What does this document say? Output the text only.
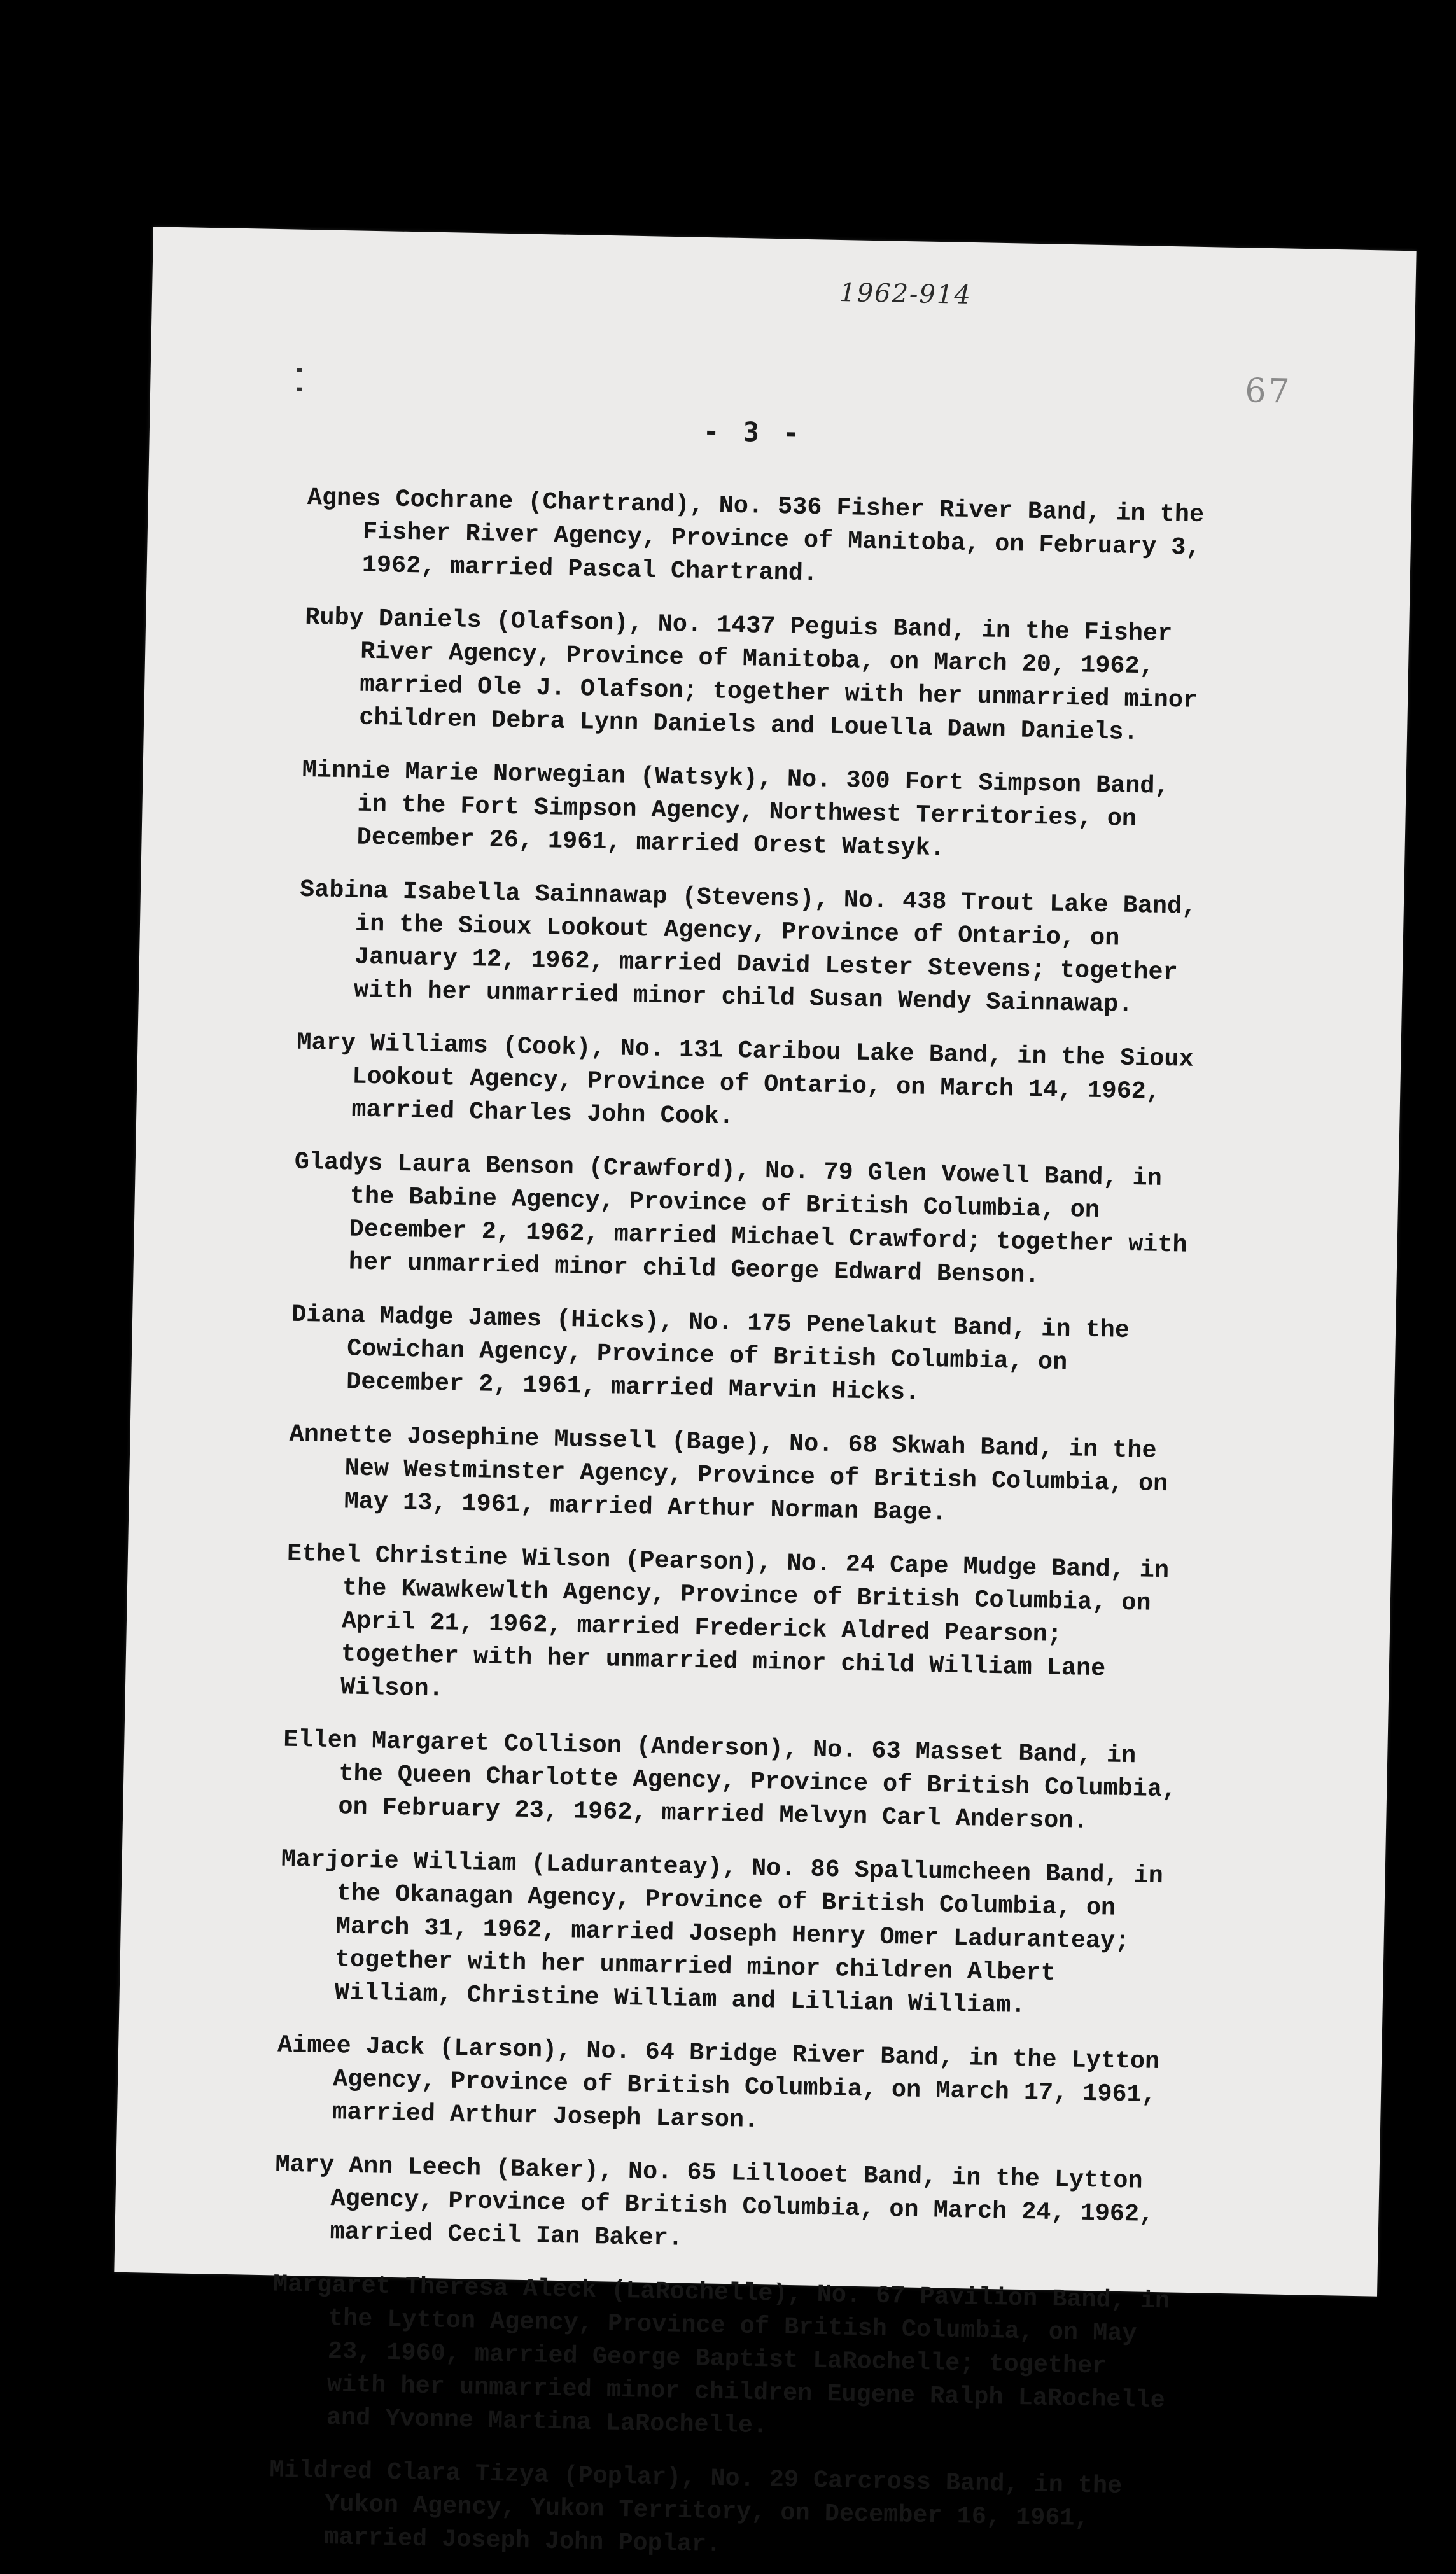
1962-914
67
- 3 -

Agnes Cochrane (Chartrand), No. 536 Fisher River Band, in the Fisher River Agency, Province of Manitoba, on February 3, 1962, married Pascal Chartrand.

Ruby Daniels (Olafson), No. 1437 Peguis Band, in the Fisher River Agency, Province of Manitoba, on March 20, 1962, married Ole J. Olafson; together with her unmarried minor children Debra Lynn Daniels and Louella Dawn Daniels.

Minnie Marie Norwegian (Watsyk), No. 300 Fort Simpson Band, in the Fort Simpson Agency, Northwest Territories, on December 26, 1961, married Orest Watsyk.

Sabina Isabella Sainnawap (Stevens), No. 438 Trout Lake Band, in the Sioux Lookout Agency, Province of Ontario, on January 12, 1962, married David Lester Stevens; together with her unmarried minor child Susan Wendy Sainnawap.

Mary Williams (Cook), No. 131 Caribou Lake Band, in the Sioux Lookout Agency, Province of Ontario, on March 14, 1962, married Charles John Cook.

Gladys Laura Benson (Crawford), No. 79 Glen Vowell Band, in the Babine Agency, Province of British Columbia, on December 2, 1962, married Michael Crawford; together with her unmarried minor child George Edward Benson.

Diana Madge James (Hicks), No. 175 Penelakut Band, in the Cowichan Agency, Province of British Columbia, on December 2, 1961, married Marvin Hicks.

Annette Josephine Mussell (Bage), No. 68 Skwah Band, in the New Westminster Agency, Province of British Columbia, on May 13, 1961, married Arthur Norman Bage.

Ethel Christine Wilson (Pearson), No. 24 Cape Mudge Band, in the Kwawkewlth Agency, Province of British Columbia, on April 21, 1962, married Frederick Aldred Pearson; together with her unmarried minor child William Lane Wilson.

Ellen Margaret Collison (Anderson), No. 63 Masset Band, in the Queen Charlotte Agency, Province of British Columbia, on February 23, 1962, married Melvyn Carl Anderson.

Marjorie William (Laduranteay), No. 86 Spallumcheen Band, in the Okanagan Agency, Province of British Columbia, on March 31, 1962, married Joseph Henry Omer Laduranteay; together with her unmarried minor children Albert William, Christine William and Lillian William.

Aimee Jack (Larson), No. 64 Bridge River Band, in the Lytton Agency, Province of British Columbia, on March 17, 1961, married Arthur Joseph Larson.

Mary Ann Leech (Baker), No. 65 Lillooet Band, in the Lytton Agency, Province of British Columbia, on March 24, 1962, married Cecil Ian Baker.

Margaret Theresa Aleck (LaRochelle), No. 67 Pavilion Band, in the Lytton Agency, Province of British Columbia, on May 23, 1960, married George Baptist LaRochelle; together with her unmarried minor children Eugene Ralph LaRochelle and Yvonne Martina LaRochelle.

Mildred Clara Tizya (Poplar), No. 29 Carcross Band, in the Yukon Agency, Yukon Territory, on December 16, 1961, married Joseph John Poplar.
